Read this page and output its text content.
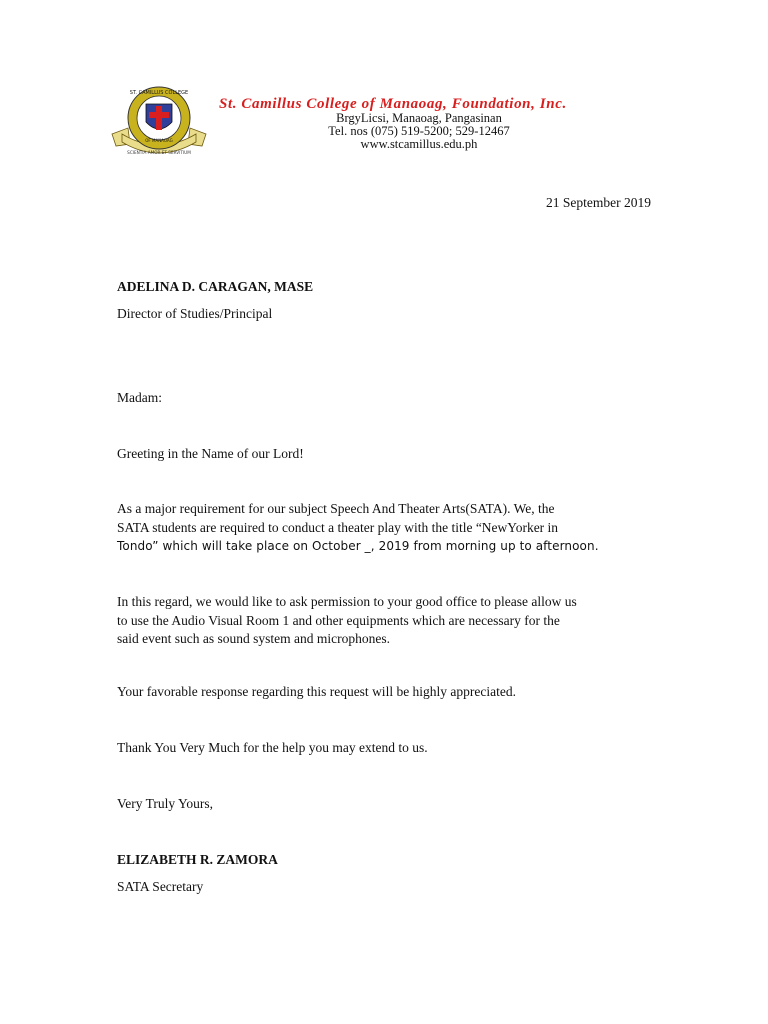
ST. CAMILLUS COLLEGE
OF MANAOAG
SCIENTIA AMOR ET SERVITIUM
St. Camillus College of Manaoag, Foundation, Inc.
BrgyLicsi, Manaoag, Pangasinan
Tel. nos (075) 519-5200; 529-12467
www.stcamillus.edu.ph
21 September 2019
ADELINA D. CARAGAN, MASE
Director of Studies/Principal
Madam:
Greeting in the Name of our Lord!
As a major requirement for our subject Speech And Theater Arts(SATA). We, the
SATA students are required to conduct a theater play with the title “NewYorker in
Tondo” which will take place on October _, 2019 from morning up to afternoon.
In this regard, we would like to ask permission to your good office to please allow us
to use the Audio Visual Room 1 and other equipments which are necessary for the
said event such as sound system and microphones.
Your favorable response regarding this request will be highly appreciated.
Thank You Very Much for the help you may extend to us.
Very Truly Yours,
ELIZABETH R. ZAMORA
SATA Secretary
